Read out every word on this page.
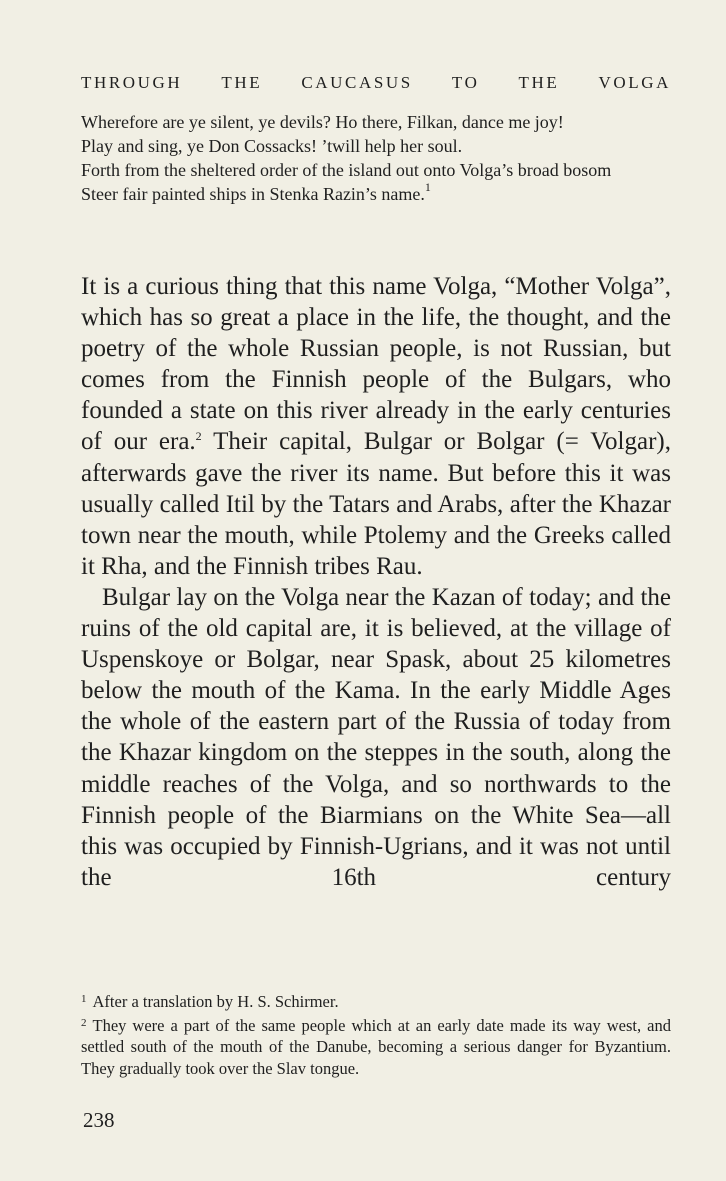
THROUGH THE CAUCASUS TO THE VOLGA
Wherefore are ye silent, ye devils? Ho there, Filkan, dance me joy!
Play and sing, ye Don Cossacks! ’twill help her soul.
Forth from the sheltered order of the island out onto Volga’s broad bosom
Steer fair painted ships in Stenka Razin’s name.$^1$

It is a curious thing that this name Volga, “Mother Volga”, which has so great a place in the life, the thought, and the poetry of the whole Russian people, is not Russian, but comes from the Finnish people of the Bulgars, who founded a state on this river already in the early centuries of our era.$^2$ Their capital, Bulgar or Bolgar (= Volgar), afterwards gave the river its name. But before this it was usually called Itil by the Tatars and Arabs, after the Khazar town near the mouth, while Ptolemy and the Greeks called it Rha, and the Finnish tribes Rau.

Bulgar lay on the Volga near the Kazan of today; and the ruins of the old capital are, it is believed, at the village of Uspenskoye or Bolgar, near Spask, about 25 kilometres below the mouth of the Kama. In the early Middle Ages the whole of the eastern part of the Russia of today from the Khazar kingdom on the steppes in the south, along the middle reaches of the Volga, and so northwards to the Finnish people of the Biarmians on the White Sea—all this was occupied by Finnish-Ugrians, and it was not until the 16th century

$^1$ After a translation by H. S. Schirmer.

$^2$ They were a part of the same people which at an early date made its way west, and settled south of the mouth of the Danube, becoming a serious danger for Byzantium. They gradually took over the Slav tongue.

238
